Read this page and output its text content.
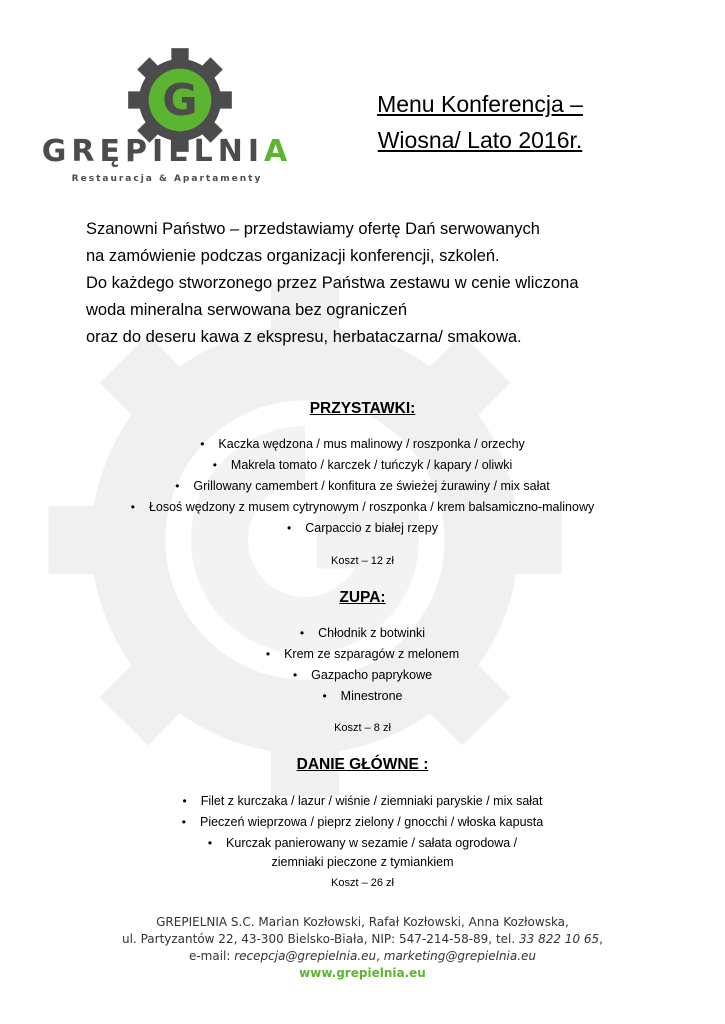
G
GRĘPIELNIA
Restauracja & Apartamenty
Menu Konferencja –
Wiosna/ Lato 2016r.
Szanowni Państwo – przedstawiamy ofertę Dań serwowanych
na zamówienie podczas organizacji konferencji, szkoleń.
Do każdego stworzonego przez Państwa zestawu w cenie wliczona
woda mineralna serwowana bez ograniczeń
oraz do deseru kawa z ekspresu, herbataczarna/ smakowa.
PRZYSTAWKI:
• Kaczka wędzona / mus malinowy / roszponka / orzechy
• Makrela tomato / karczek / tuńczyk / kapary / oliwki
• Grillowany camembert / konfitura ze świeżej żurawiny / mix sałat
• Łosoś wędzony z musem cytrynowym / roszponka / krem balsamiczno-malinowy
• Carpaccio z białej rzepy
Koszt – 12 zł
ZUPA:
• Chłodnik z botwinki
• Krem ze szparagów z melonem
• Gazpacho paprykowe
• Minestrone
Koszt – 8 zł
DANIE GŁÓWNE :
• Filet z kurczaka / lazur / wiśnie / ziemniaki paryskie / mix sałat
• Pieczeń wieprzowa / pieprz zielony / gnocchi / włoska kapusta
• Kurczak panierowany w sezamie / sałata ogrodowa /
ziemniaki pieczone z tymiankiem
Koszt – 26 zł
GREPIELNIA S.C. Marian Kozłowski, Rafał Kozłowski, Anna Kozłowska,
ul. Partyzantów 22, 43-300 Bielsko-Biała, NIP: 547-214-58-89, tel. 33 822 10 65,
e-mail: recepcja@grepielnia.eu, marketing@grepielnia.eu
www.grepielnia.eu
